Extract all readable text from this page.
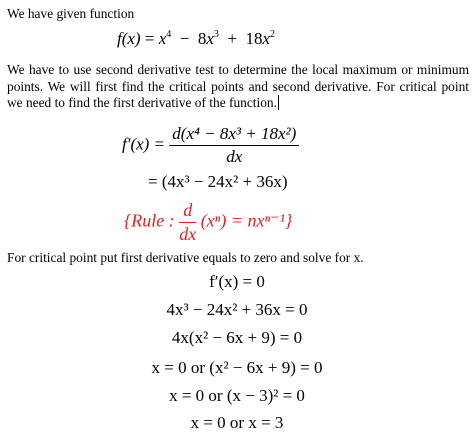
We have given function
$f(x) = x^4 - 8x^3 + 18x^2$
We have to use second derivative test to determine the local maximum or minimum points. We will first find the critical points and second derivative. For critical point we need to find the first derivative of the function.
$f'(x) = \frac{\text{d(x⁴ − 8x³ + 18x²)}}{dx}$
= (4x³ − 24x² + 36x)
{Rule : $\frac{d}{dx} (x^n) = nx^{n-1}$}
For critical point put first derivative equals to zero and solve for x.
f′(x) = 0
4x³ − 24x² + 36x = 0
4x(x² − 6x + 9) = 0
x = 0 or (x² − 6x + 9) = 0
x = 0 or (x − 3)² = 0
x = 0 or x = 3
